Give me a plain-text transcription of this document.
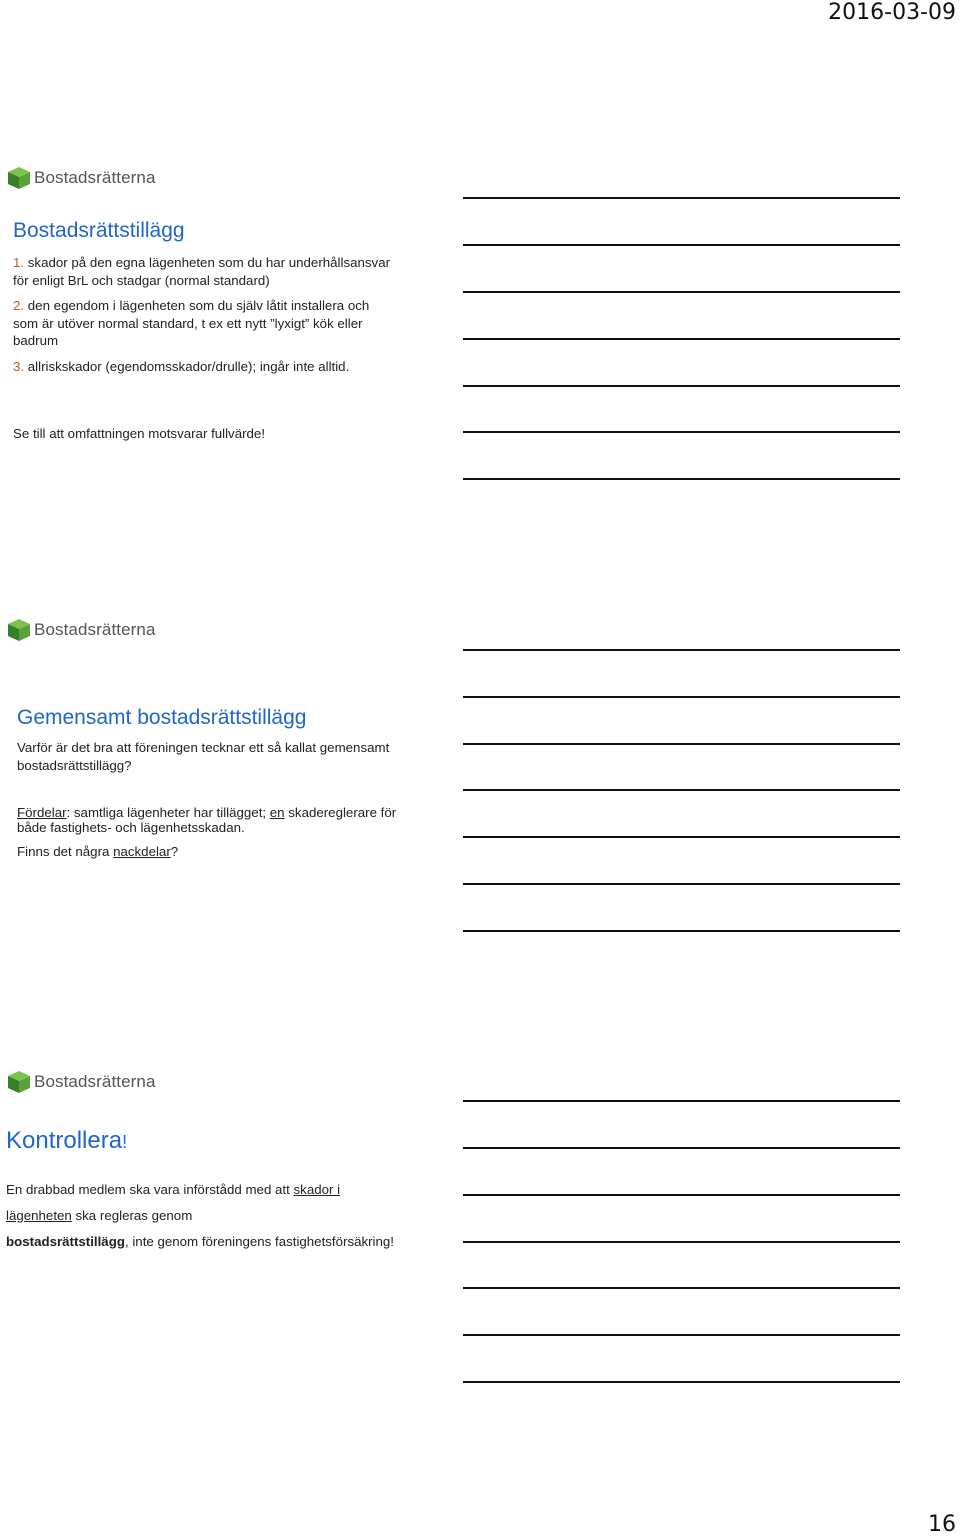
2016-03-09
16
Bostadsrätterna
Bostadsrättstillägg
1. skador på den egna lägenheten som du har underhållsansvar för enligt BrL och stadgar (normal standard)
2. den egendom i lägenheten som du själv låtit installera och som är utöver normal standard, t ex ett nytt ”lyxigt” kök eller badrum
3. allriskskador (egendomsskador/drulle); ingår inte alltid.
Se till att omfattningen motsvarar fullvärde!
Bostadsrätterna
Gemensamt bostadsrättstillägg
Varför är det bra att föreningen tecknar ett så kallat gemensamt bostadsrättstillägg?
Fördelar: samtliga lägenheter har tillägget; en skadereglerare för både fastighets- och lägenhetsskadan.
Finns det några nackdelar?
Bostadsrätterna
Kontrollera!
En drabbad medlem ska vara införstådd med att skador i
lägenheten ska regleras genom
bostadsrättstillägg, inte genom föreningens fastighetsförsäkring!
